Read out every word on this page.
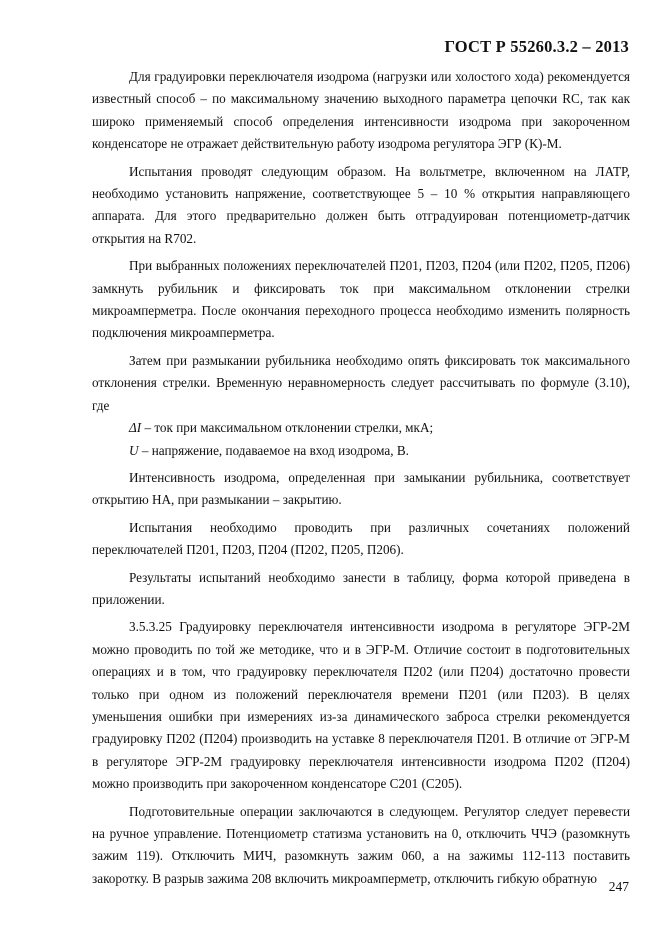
ГОСТ Р 55260.3.2 – 2013

Для градуировки переключателя изодрома (нагрузки или холостого хода) рекомендуется известный способ – по максимальному значению выходного параметра цепочки RC, так как широко применяемый способ определения интенсивности изодрома при закороченном конденсаторе не отражает действительную работу изодрома регулятора ЭГР (К)-М.

Испытания проводят следующим образом. На вольтметре, включенном на ЛАТР, необходимо установить напряжение, соответствующее 5 – 10 % открытия направляющего аппарата. Для этого предварительно должен быть отградуирован потенциометр-датчик открытия на R702.

При выбранных положениях переключателей П201, П203, П204 (или П202, П205, П206) замкнуть рубильник и фиксировать ток при максимальном отклонении стрелки микроамперметра. После окончания переходного процесса необходимо изменить полярность подключения микроамперметра.

Затем при размыкании рубильника необходимо опять фиксировать ток максимального отклонения стрелки. Временную неравномерность следует рассчитывать по формуле (3.10), где

ΔI – ток при максимальном отклонении стрелки, мкА;

U – напряжение, подаваемое на вход изодрома, В.

Интенсивность изодрома, определенная при замыкании рубильника, соответствует открытию НА, при размыкании – закрытию.

Испытания необходимо проводить при различных сочетаниях положений переключателей П201, П203, П204 (П202, П205, П206).

Результаты испытаний необходимо занести в таблицу, форма которой приведена в приложении.

3.5.3.25 Градуировку переключателя интенсивности изодрома в регуляторе ЭГР-2М можно проводить по той же методике, что и в ЭГР-М. Отличие состоит в подготовительных операциях и в том, что градуировку переключателя П202 (или П204) достаточно провести только при одном из положений переключателя времени П201 (или П203). В целях уменьшения ошибки при измерениях из-за динамического заброса стрелки рекомендуется градуировку П202 (П204) производить на уставке 8 переключателя П201. В отличие от ЭГР-М в регуляторе ЭГР-2М градуировку переключателя интенсивности изодрома П202 (П204) можно производить при закороченном конденсаторе С201 (С205).

Подготовительные операции заключаются в следующем. Регулятор следует перевести на ручное управление. Потенциометр статизма установить на 0, отключить ЧЧЭ (разомкнуть зажим 119). Отключить МИЧ, разомкнуть зажим 060, а на зажимы 112-113 поставить закоротку. В разрыв зажима 208 включить микроамперметр, отключить гибкую обратную

247
